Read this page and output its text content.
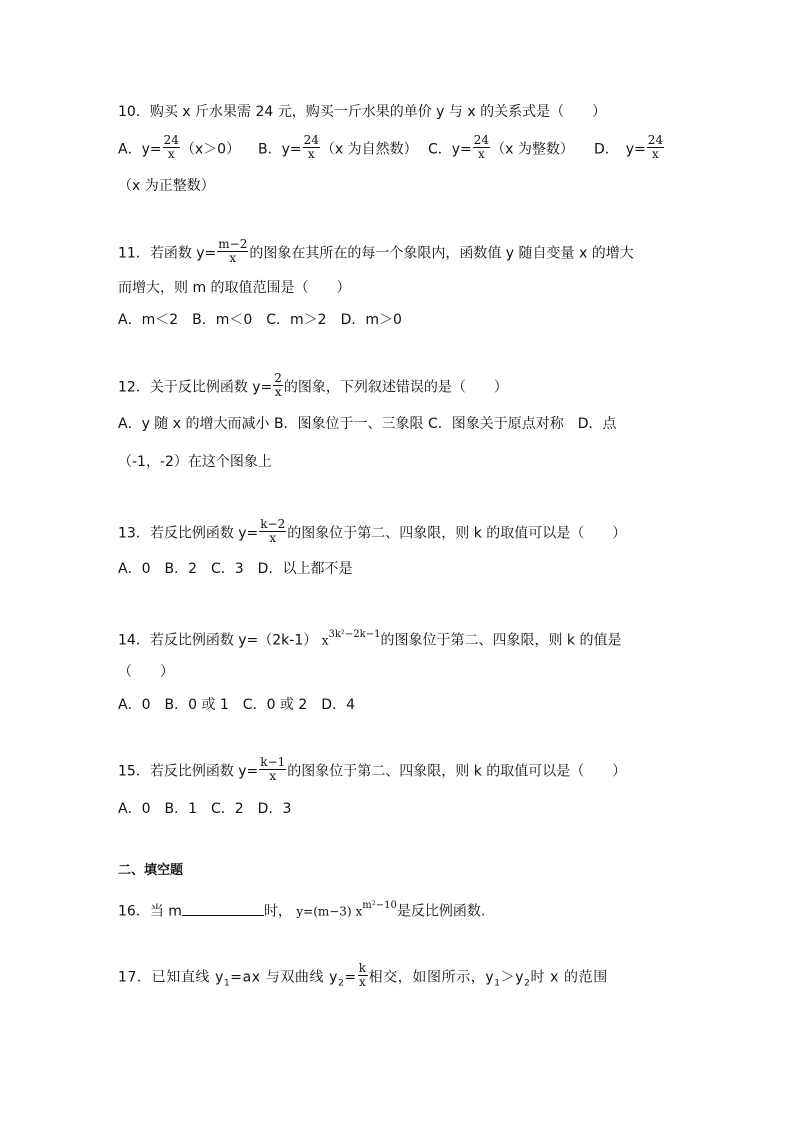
10．购买 x 斤水果需 24 元，购买一斤水果的单价 y 与 x 的关系式是（　　）
A．$y= \frac{24}{x} (x>0)$ B．$y= \frac{24}{x} (x$ 为自然数） C．$y= \frac{24}{x} (x$ 为整数） D．　$y= \frac{24}{x}$
（x 为正整数）
11．若函数 $y= \frac{m-2}{x}$ 的图象在其所在的每一个象限内，函数值 y 随自变量 x 的增大
而增大，则 m 的取值范围是（　　）
A．m＜2　B．m＜0　C．m＞2　D．m＞0
12．关于反比例函数 $y= \frac{2}{x}$ 的图象，下列叙述错误的是（　　）
A．y 随 x 的增大而减小 B．图象位于一、三象限 C．图象关于原点对称　D．点
（-1，-2）在这个图象上
13．若反比例函数 $y= \frac{k-2}{x}$ 的图象位于第二、四象限，则 k 的取值可以是（　　）
A．0　B．2　C．3　D．以上都不是
14．若反比例函数 y=（2k-1） $x^{3k^2-2k-1}$的图象位于第二、四象限，则 k 的值是
（　　）
A．0　B．0 或 1　C．0 或 2　D．4
15．若反比例函数 $y= \frac{k-1}{x}$ 的图象位于第二、四象限，则 k 的取值可以是（　　）
A．0　B．1　C．2　D．3
二、填空题
16．当 m	时， y=(m−3) $x^{m^2-10}$是反比例函数.
17．已知直线 $y_1=ax$ 与双曲线 $y_2= \frac{k}{x}$ 相交，如图所示，$y_1>y_2$时 x 的范围
